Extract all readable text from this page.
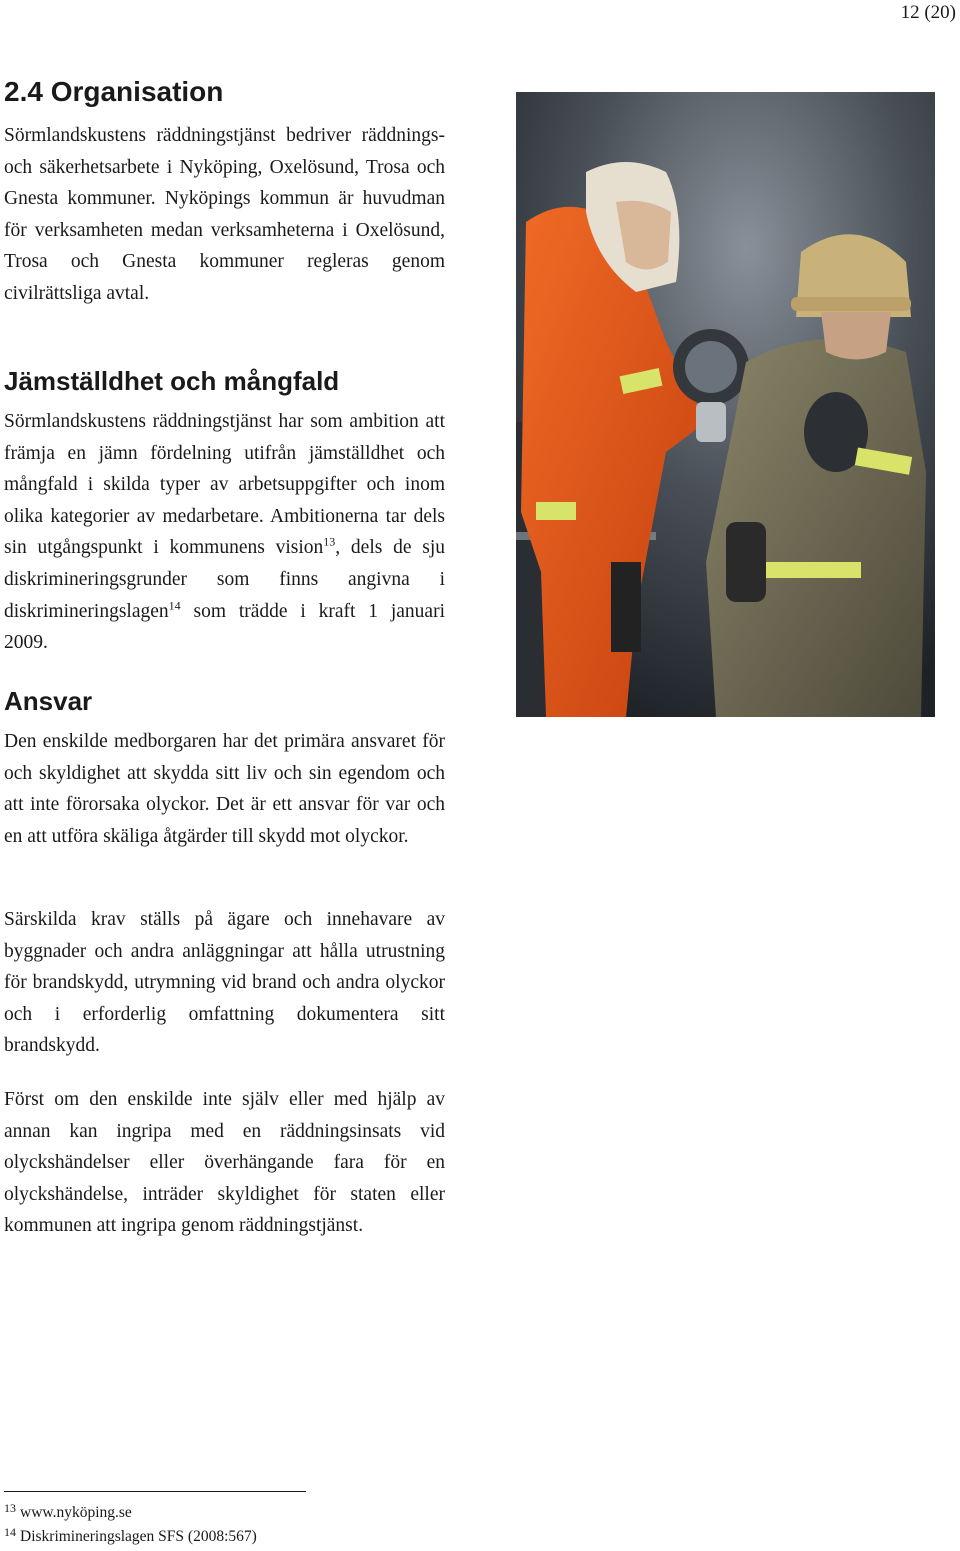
12 (20)
2.4 Organisation

Sörmlandskustens räddningstjänst bedriver räddnings- och säkerhetsarbete i Nyköping, Oxelösund, Trosa och Gnesta kommuner. Nyköpings kommun är huvudman för verksamheten medan verksamheterna i Oxelösund, Trosa och Gnesta kommuner regleras genom civilrättsliga avtal.

Jämställdhet och mångfald

Sörmlandskustens räddningstjänst har som ambition att främja en jämn fördelning utifrån jämställdhet och mångfald i skilda typer av arbetsuppgifter och inom olika kategorier av medarbetare. Ambitionerna tar dels sin utgångspunkt i kommunens vision$^{13}$, dels de sju diskrimineringsgrunder som finns angivna i diskrimineringslagen$^{14}$ som trädde i kraft 1 januari 2009.

Ansvar

Den enskilde medborgaren har det primära ansvaret för och skyldighet att skydda sitt liv och sin egendom och att inte förorsaka olyckor. Det är ett ansvar för var och en att utföra skäliga åtgärder till skydd mot olyckor.

Särskilda krav ställs på ägare och innehavare av byggnader och andra anläggningar att hålla utrustning för brandskydd, utrymning vid brand och andra olyckor och i erforderlig omfattning dokumentera sitt brandskydd.

Först om den enskilde inte själv eller med hjälp av annan kan ingripa med en räddningsinsats vid olyckshändelser eller överhängande fara för en olyckshändelse, inträder skyldighet för staten eller kommunen att ingripa genom räddningstjänst.

$^{13}$ www.nyköping.se
$^{14}$ Diskrimineringslagen SFS (2008:567)
